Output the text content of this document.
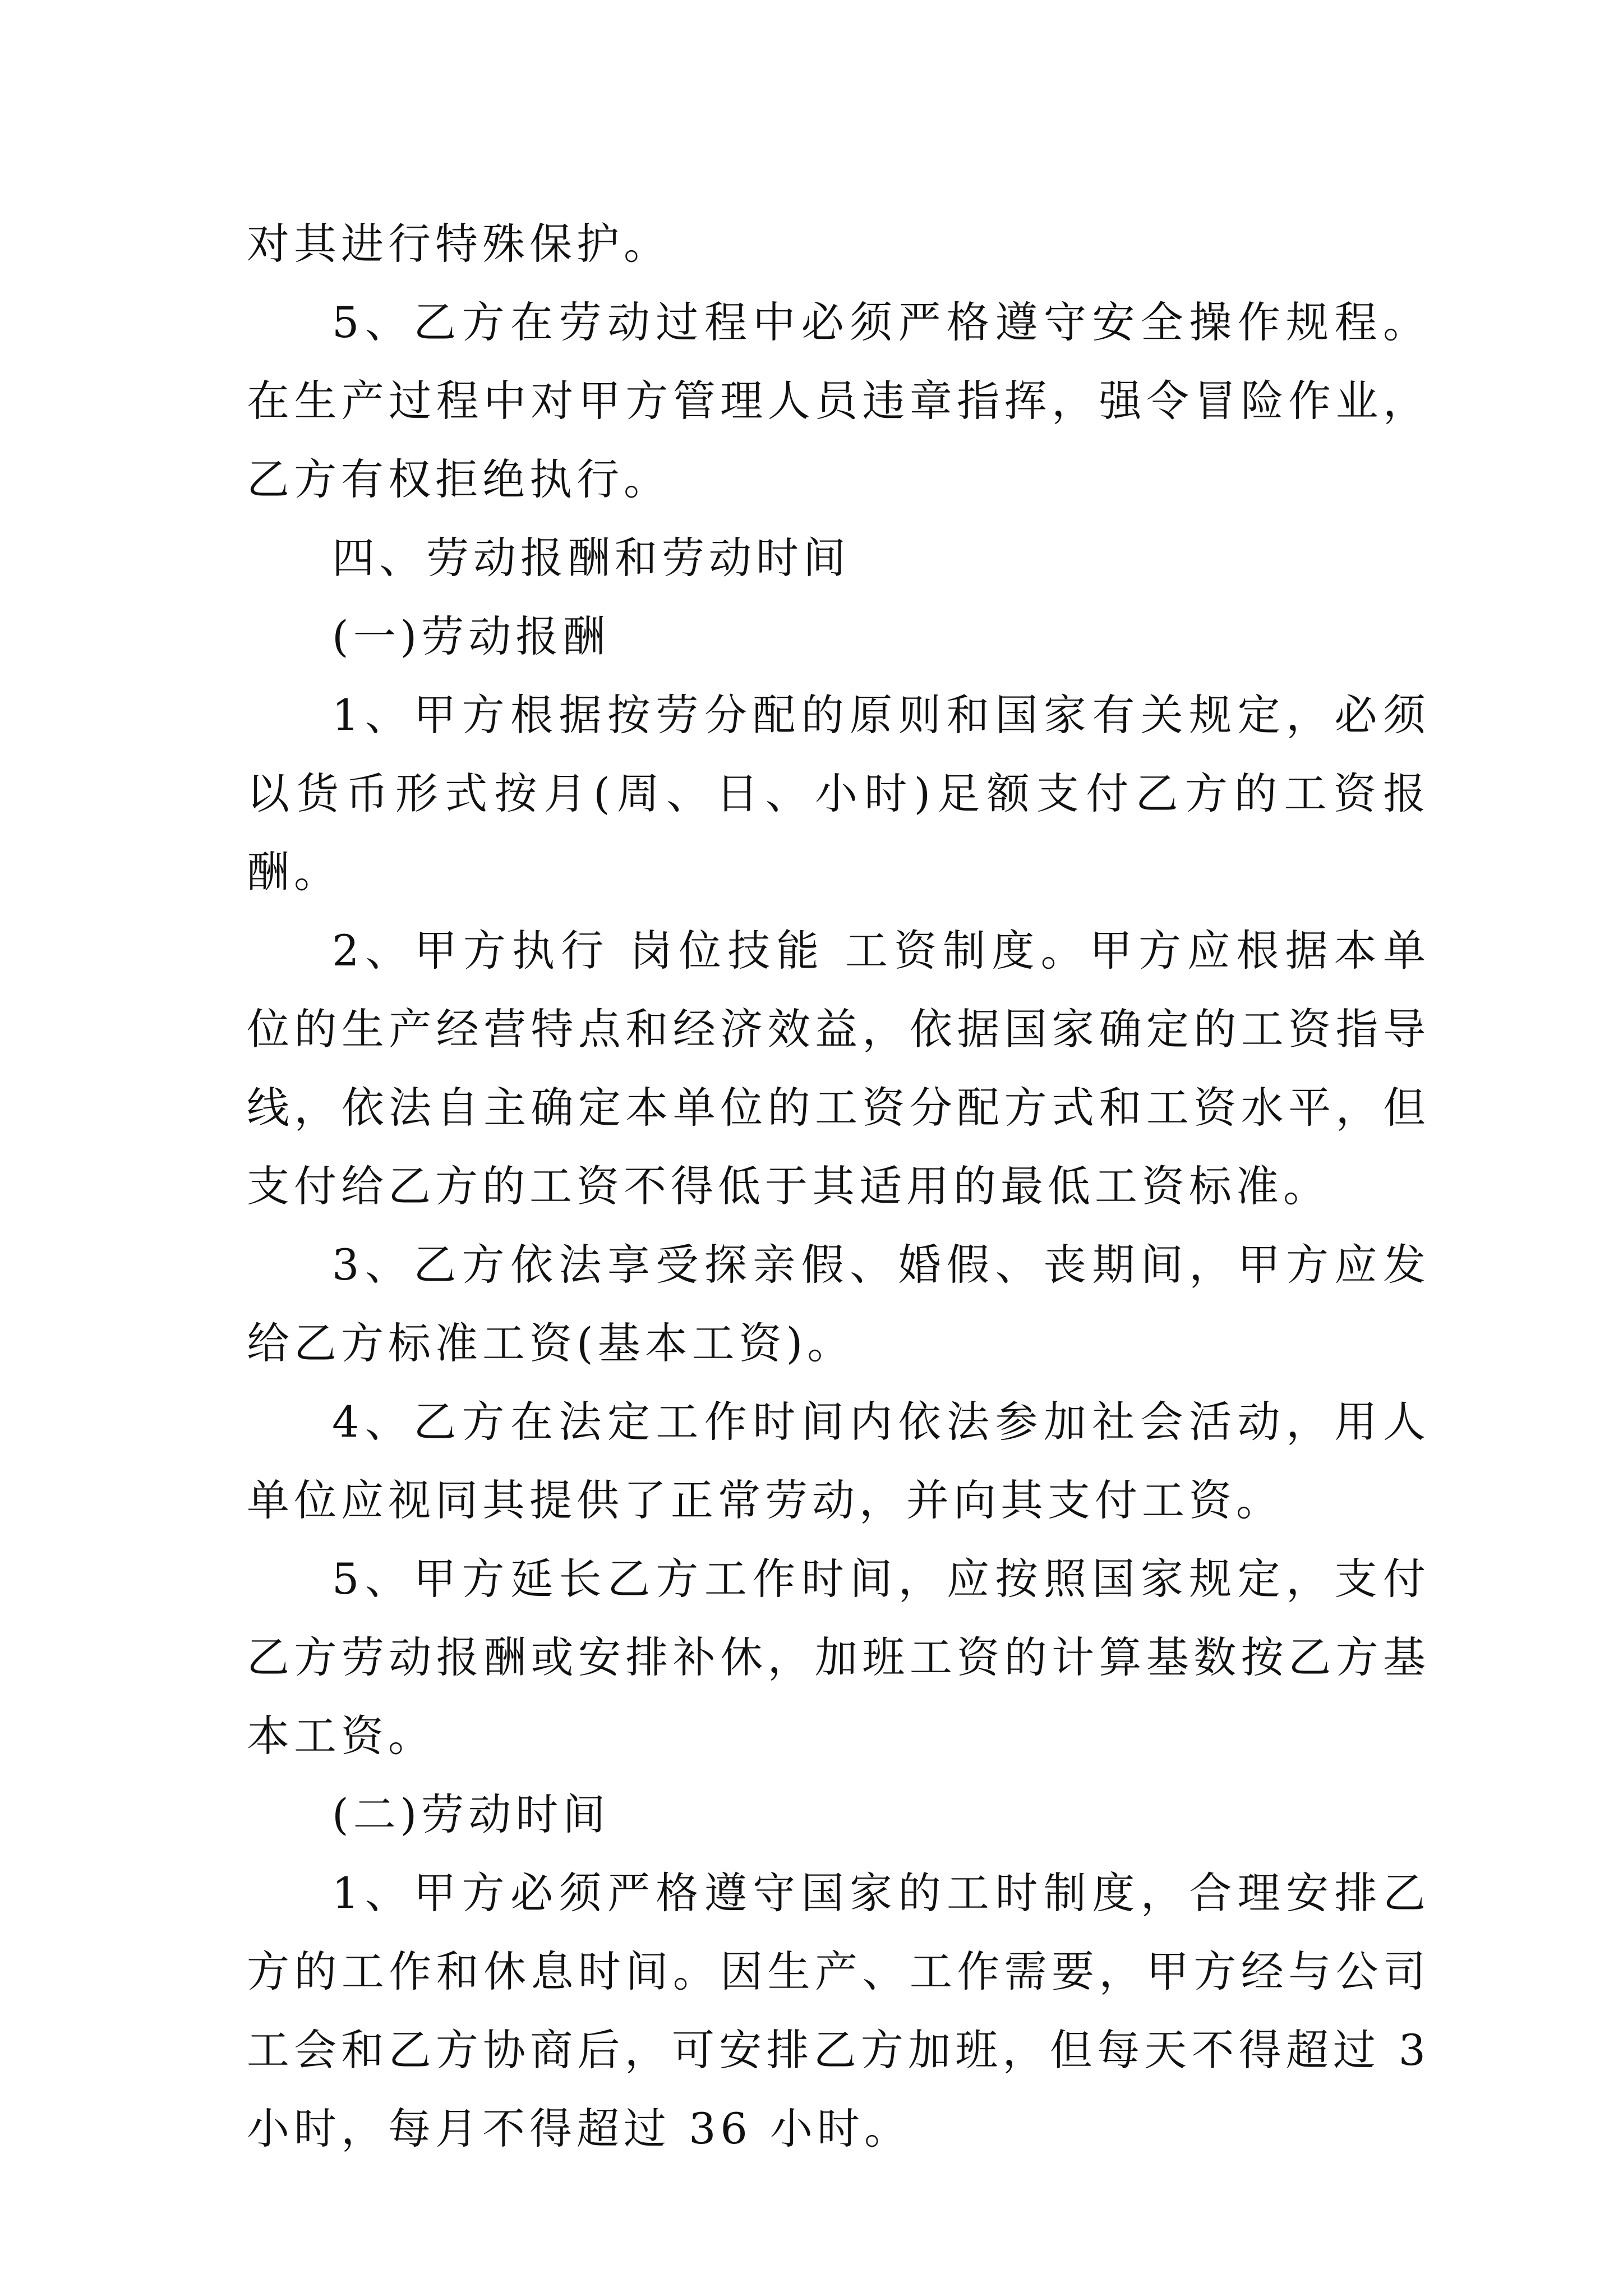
对其进行特殊保护。

5、乙方在劳动过程中必须严格遵守安全操作规程。在生产过程中对甲方管理人员违章指挥，强令冒险作业，乙方有权拒绝执行。

四、劳动报酬和劳动时间

(一)劳动报酬

1、甲方根据按劳分配的原则和国家有关规定，必须以货币形式按月(周、日、小时)足额支付乙方的工资报酬。

2、甲方执行 岗位技能 工资制度。甲方应根据本单位的生产经营特点和经济效益，依据国家确定的工资指导线，依法自主确定本单位的工资分配方式和工资水平，但支付给乙方的工资不得低于其适用的最低工资标准。

3、乙方依法享受探亲假、婚假、丧期间，甲方应发给乙方标准工资(基本工资)。

4、乙方在法定工作时间内依法参加社会活动，用人单位应视同其提供了正常劳动，并向其支付工资。

5、甲方延长乙方工作时间，应按照国家规定，支付乙方劳动报酬或安排补休，加班工资的计算基数按乙方基本工资。

(二)劳动时间

1、甲方必须严格遵守国家的工时制度，合理安排乙方的工作和休息时间。因生产、工作需要，甲方经与公司工会和乙方协商后，可安排乙方加班，但每天不得超过 3 小时，每月不得超过 36 小时。
